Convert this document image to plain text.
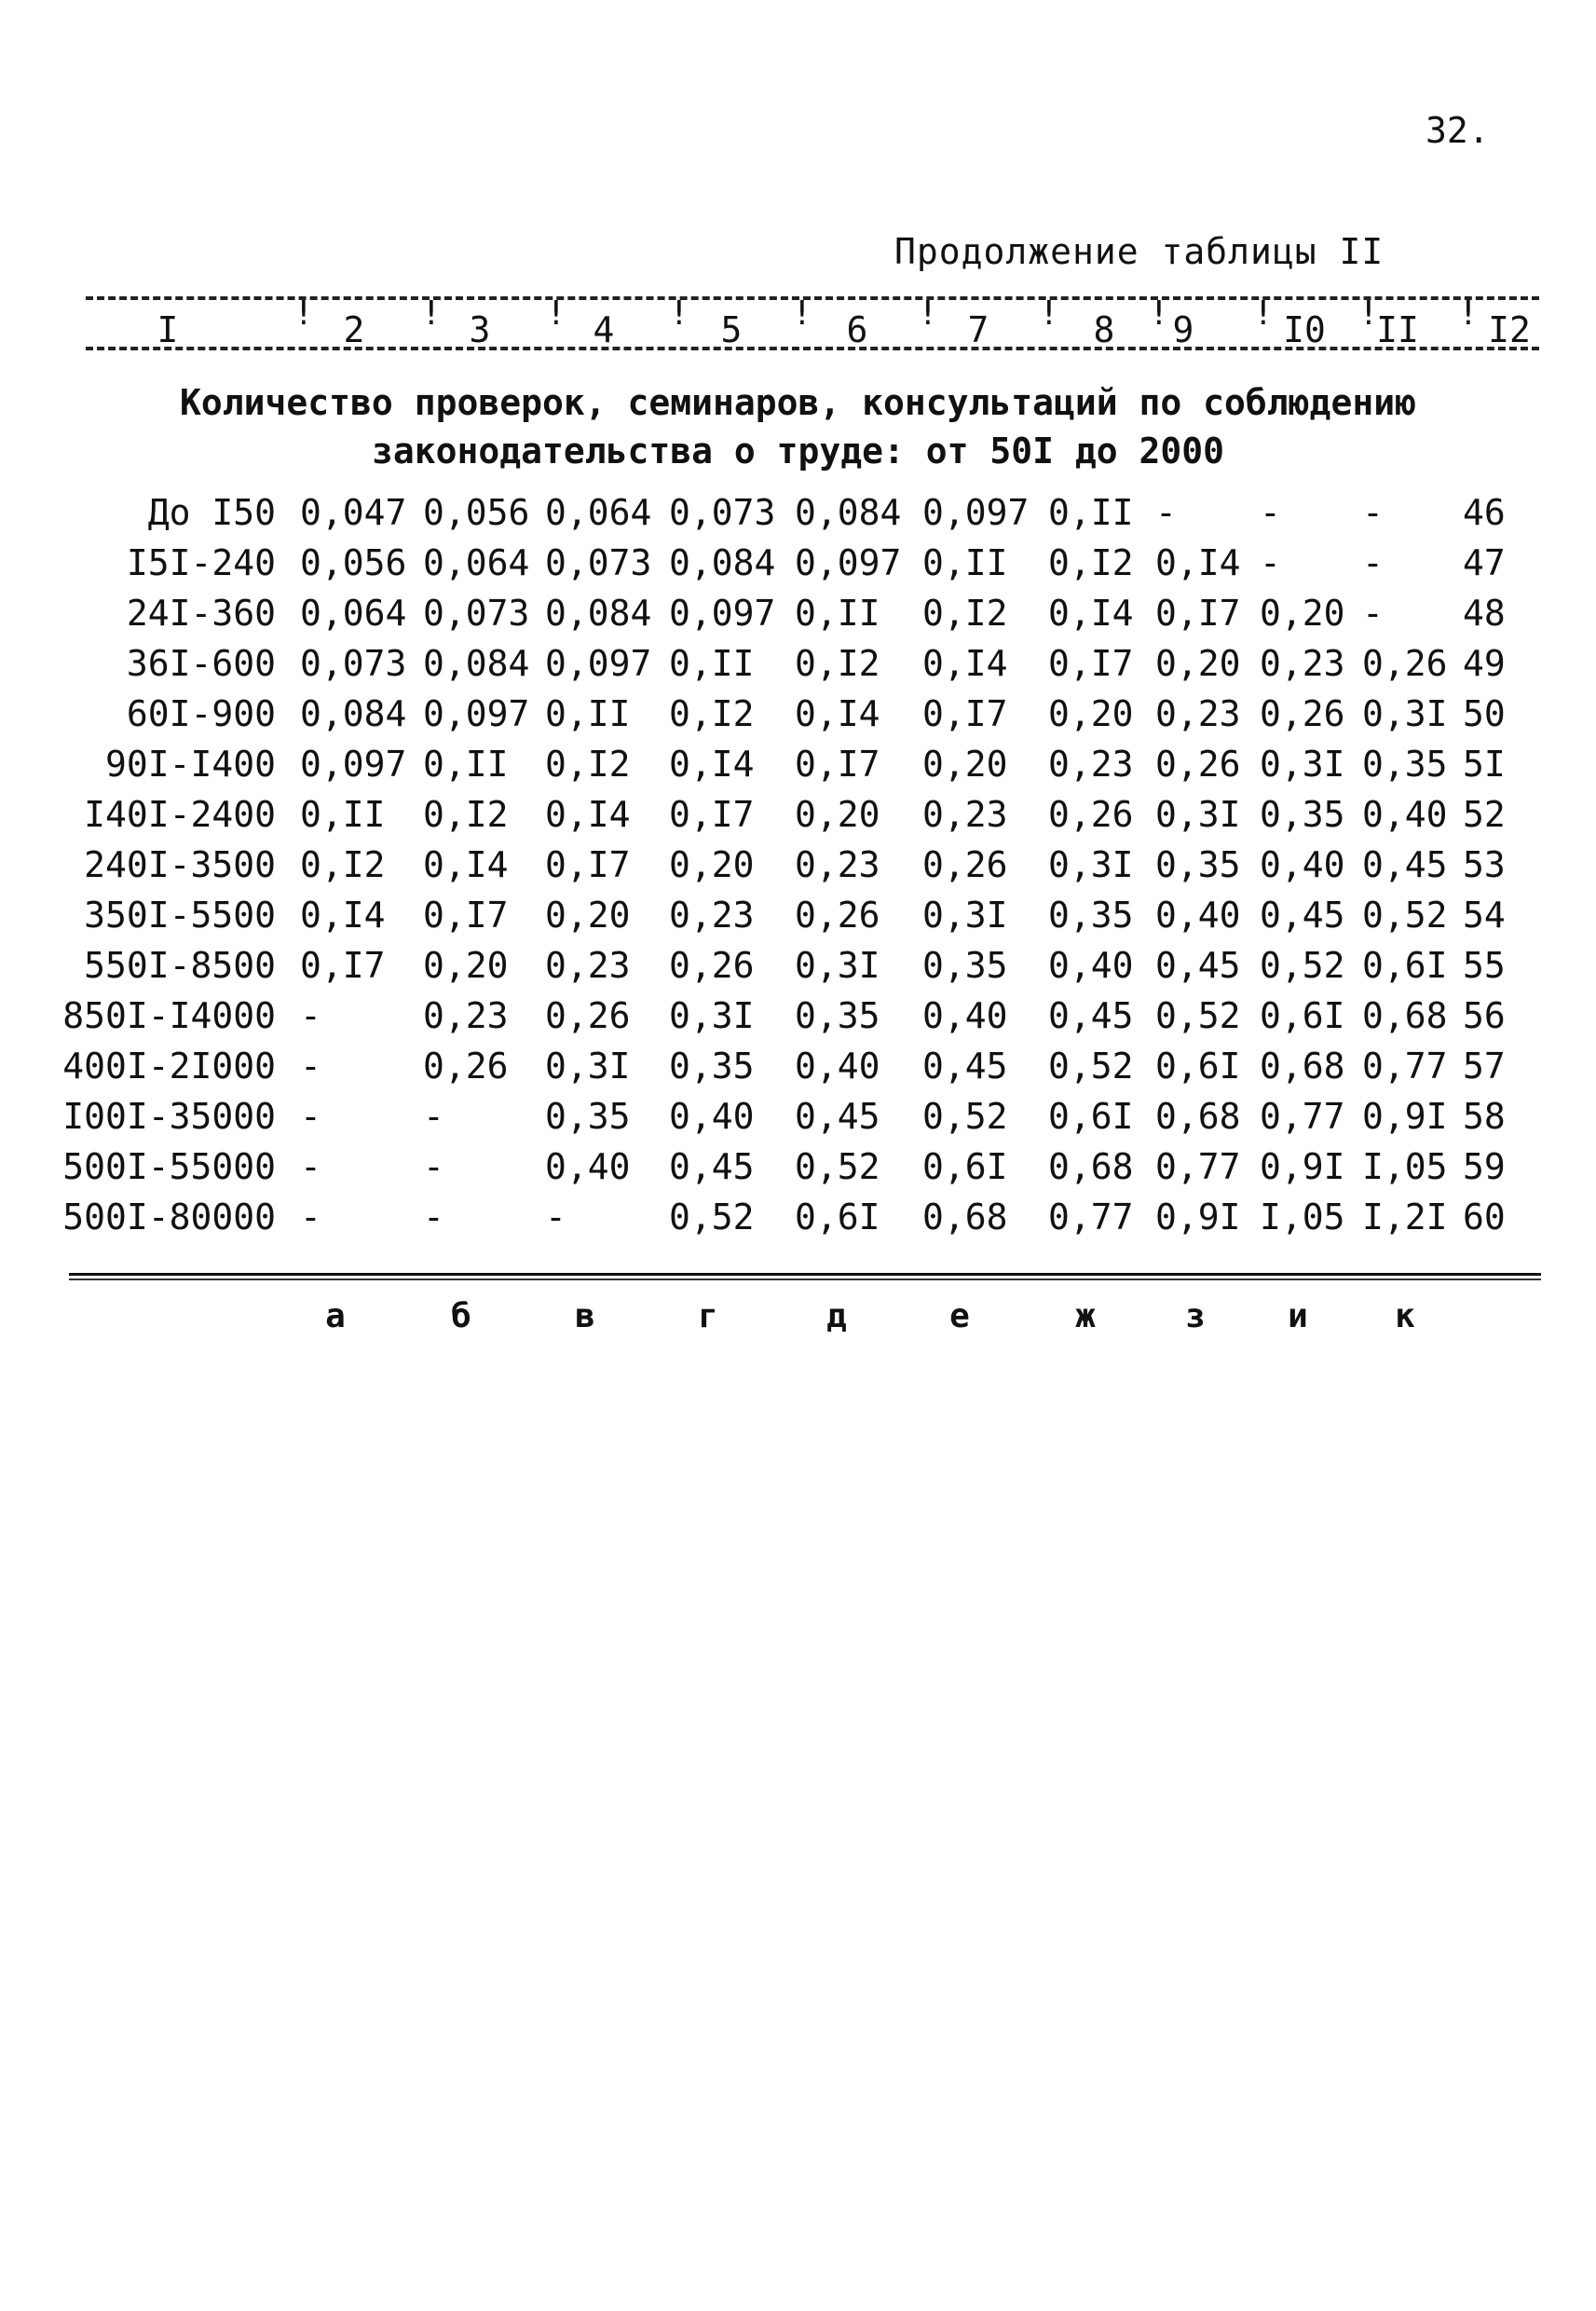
32.
Продолжение таблицы II
I	2	3	4	5	6	7	8	9	I0 II I2
!	!	!	!	!	!	!	!	!	! !
Количество проверок, семинаров, консультаций по соблюдению
законодательства о труде: от 50I до 2000
До I50 0,047 0,056 0,064 0,073 0,084 0,097 0,II -	-	-	46
I5I-240 0,056 0,064 0,073 0,084 0,097 0,II	0,I2 0,I4 -	-	47
24I-360 0,064 0,073 0,084 0,097 0,II	0,I2	0,I4 0,I7 0,20 -	48
36I-600 0,073 0,084 0,097 0,II	0,I2	0,I4	0,I7 0,20 0,23 0,26 49
60I-900 0,084 0,097 0,II	0,I2	0,I4	0,I7	0,20 0,23 0,26 0,3I 50
90I-I400 0,097 0,II	0,I2	0,I4	0,I7	0,20	0,23 0,26 0,3I 0,35 5I
I40I-2400 0,II	0,I2	0,I4	0,I7	0,20	0,23	0,26 0,3I 0,35 0,40 52
240I-3500 0,I2	0,I4	0,I7	0,20	0,23	0,26	0,3I 0,35 0,40 0,45 53
350I-5500 0,I4	0,I7	0,20	0,23	0,26	0,3I	0,35 0,40 0,45 0,52 54
550I-8500 0,I7	0,20	0,23	0,26	0,3I	0,35	0,40 0,45 0,52 0,6I 55
850I-I4000 -	0,23	0,26	0,3I	0,35	0,40	0,45 0,52 0,6I 0,68 56
400I-2I000 -	0,26	0,3I	0,35	0,40	0,45	0,52 0,6I 0,68 0,77 57
I00I-35000 -	-	0,35	0,40	0,45	0,52	0,6I 0,68 0,77 0,9I 58
500I-55000 -	-	0,40	0,45	0,52	0,6I	0,68 0,77 0,9I I,05 59
500I-80000 -	-	-	0,52	0,6I	0,68	0,77 0,9I I,05 I,2I 60
а	б	в	г	д	е	ж	з и	к
